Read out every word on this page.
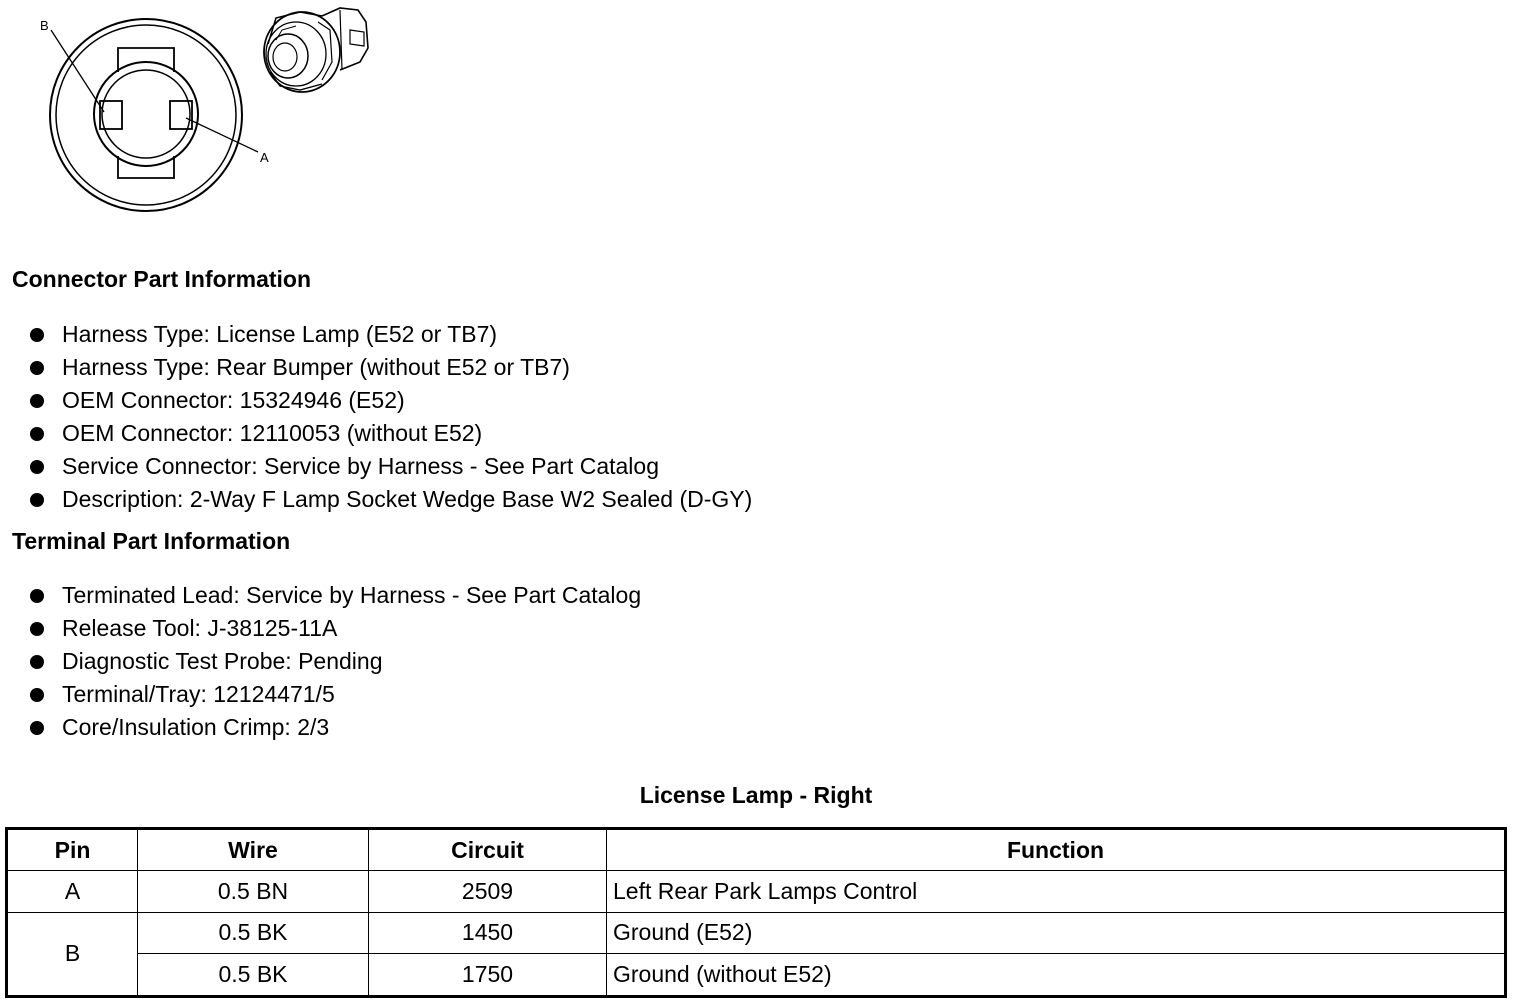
B
A
Connector Part Information
Harness Type: License Lamp (E52 or TB7)
Harness Type: Rear Bumper (without E52 or TB7)
OEM Connector: 15324946 (E52)
OEM Connector: 12110053 (without E52)
Service Connector: Service by Harness - See Part Catalog
Description: 2-Way F Lamp Socket Wedge Base W2 Sealed (D-GY)
Terminal Part Information
Terminated Lead: Service by Harness - See Part Catalog
Release Tool: J-38125-11A
Diagnostic Test Probe: Pending
Terminal/Tray: 12124471/5
Core/Insulation Crimp: 2/3
License Lamp - Right
Pin	Wire	Circuit	Function
A	0.5 BN	2509	Left Rear Park Lamps Control
B	0.5 BK	1450	Ground (E52)
	0.5 BK	1750	Ground (without E52)
